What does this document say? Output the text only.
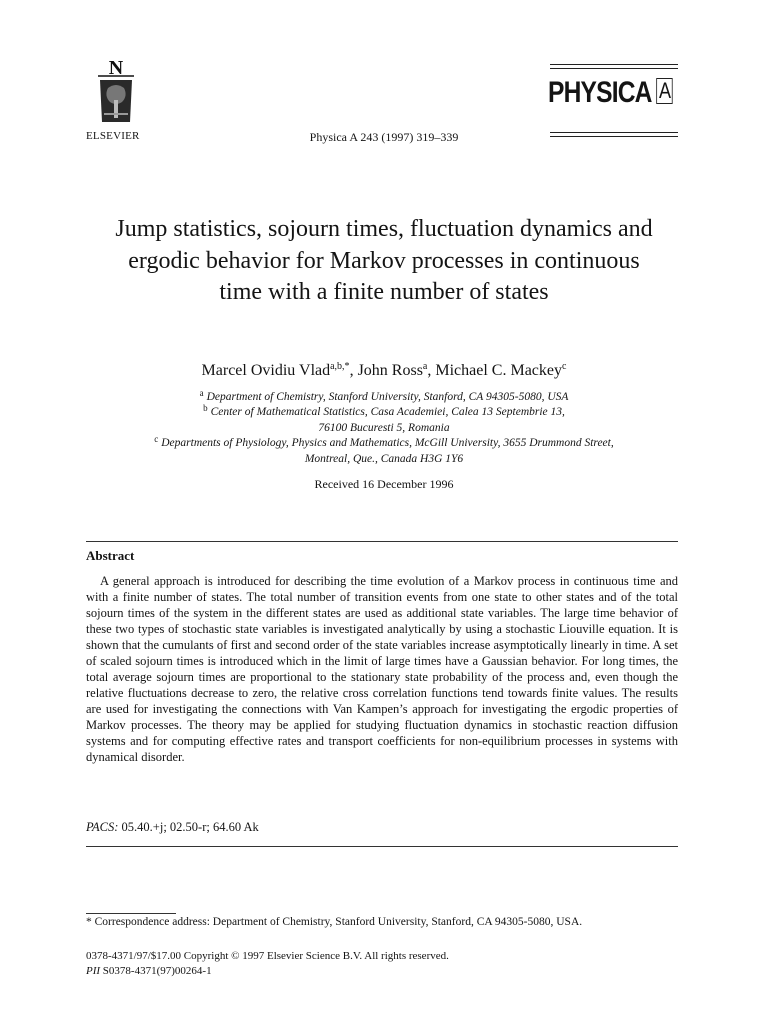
N
ELSEVIER	Physica A 243 (1997) 319–339
PHYSICA A
Jump statistics, sojourn times, fluctuation dynamics and ergodic behavior for Markov processes in continuous time with a finite number of states
Marcel Ovidiu Vlad$^{a,b,*}$, John Ross$^a$, Michael C. Mackey$^c$
$^a$ Department of Chemistry, Stanford University, Stanford, CA 94305-5080, USA
$^b$ Center of Mathematical Statistics, Casa Academiei, Calea 13 Septembrie 13,
76100 Bucuresti 5, Romania
$^c$ Departments of Physiology, Physics and Mathematics, McGill University, 3655 Drummond Street,
Montreal, Que., Canada H3G 1Y6
Received 16 December 1996
Abstract
A general approach is introduced for describing the time evolution of a Markov process in continuous time and with a finite number of states. The total number of transition events from one state to other states and of the total sojourn times of the system in the different states are used as additional state variables. The large time behavior of these two types of stochastic state variables is investigated analytically by using a stochastic Liouville equation. It is shown that the cumulants of first and second order of the state variables increase asymptotically linearly in time. A set of scaled sojourn times is introduced which in the limit of large times have a Gaussian behavior. For long times, the total average sojourn times are proportional to the stationary state probability of the process and, even though the relative fluctuations decrease to zero, the relative cross correlation functions tend towards finite values. The results are used for investigating the connections with Van Kampen’s approach for investigating the ergodic properties of Markov processes. The theory may be applied for studying fluctuation dynamics in stochastic reaction diffusion systems and for computing effective rates and transport coefficients for non-equilibrium processes in systems with dynamical disorder.
PACS: 05.40.+j; 02.50-r; 64.60 Ak
* Correspondence address: Department of Chemistry, Stanford University, Stanford, CA 94305-5080, USA.
0378-4371/97/$17.00 Copyright © 1997 Elsevier Science B.V. All rights reserved.
PII S0378-4371(97)00264-1
